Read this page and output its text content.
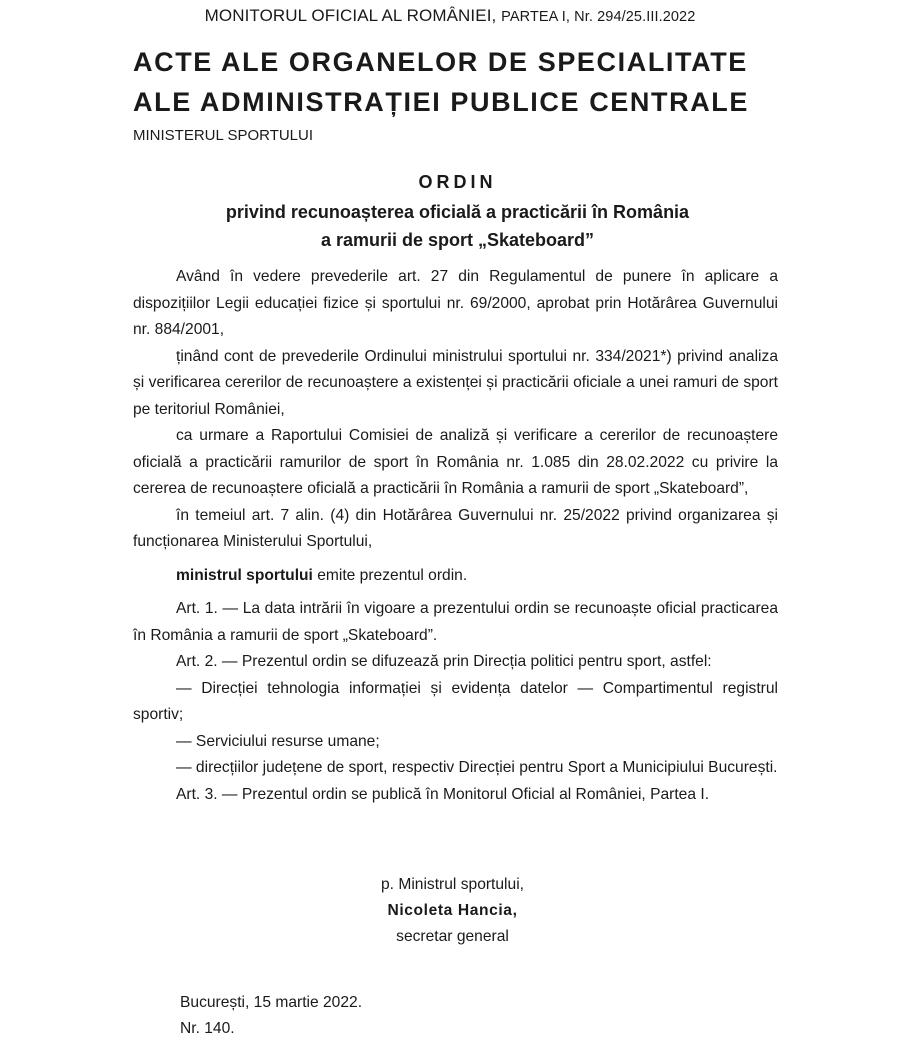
MONITORUL OFICIAL AL ROMÂNIEI, PARTEA I, Nr. 294/25.III.2022
ACTE ALE ORGANELOR DE SPECIALITATE
ALE ADMINISTRAȚIEI PUBLICE CENTRALE
MINISTERUL SPORTULUI
ORDIN
privind recunoașterea oficială a practicării în România
a ramurii de sport „Skateboard”

Având în vedere prevederile art. 27 din Regulamentul de punere în aplicare a dispozițiilor Legii educației fizice și sportului nr. 69/2000, aprobat prin Hotărârea Guvernului nr. 884/2001,

ținând cont de prevederile Ordinului ministrului sportului nr. 334/2021*) privind analiza și verificarea cererilor de recunoaștere a existenței și practicării oficiale a unei ramuri de sport pe teritoriul României,

ca urmare a Raportului Comisiei de analiză și verificare a cererilor de recunoaștere oficială a practicării ramurilor de sport în România nr. 1.085 din 28.02.2022 cu privire la cererea de recunoaștere oficială a practicării în România a ramurii de sport „Skateboard”,

în temeiul art. 7 alin. (4) din Hotărârea Guvernului nr. 25/2022 privind organizarea și funcționarea Ministerului Sportului,

ministrul sportului emite prezentul ordin.

Art. 1. — La data intrării în vigoare a prezentului ordin se recunoaște oficial practicarea în România a ramurii de sport „Skateboard”.

Art. 2. — Prezentul ordin se difuzează prin Direcția politici pentru sport, astfel:

— Direcției tehnologia informației și evidența datelor — Compartimentul registrul sportiv;

— Serviciului resurse umane;

— direcțiilor județene de sport, respectiv Direcției pentru Sport a Municipiului București.

Art. 3. — Prezentul ordin se publică în Monitorul Oficial al României, Partea I.

p. Ministrul sportului,
Nicoleta Hancia,
secretar general
București, 15 martie 2022.
Nr. 140.
